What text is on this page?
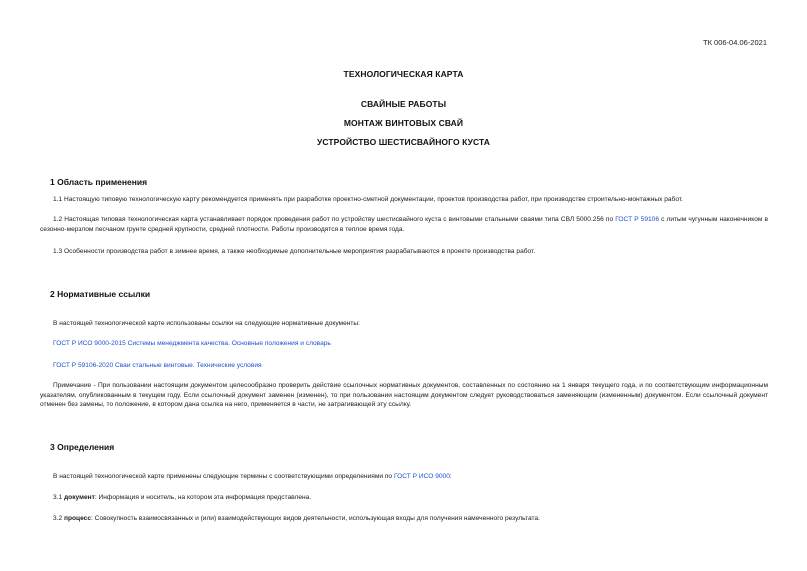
ТК 006-04.06-2021
ТЕХНОЛОГИЧЕСКАЯ КАРТА
СВАЙНЫЕ РАБОТЫ
МОНТАЖ ВИНТОВЫХ СВАЙ
УСТРОЙСТВО ШЕСТИСВАЙНОГО КУСТА
1 Область применения
1.1 Настоящую типовую технологическую карту рекомендуется применять при разработке проектно-сметной документации, проектов производства работ, при производстве строительно-монтажных работ.
1.2 Настоящая типовая технологическая карта устанавливает порядок проведения работ по устройству шестисвайного куста с винтовыми стальными сваями типа СВЛ 5000.256 по ГОСТ Р 59106 с литым чугунным наконечником в сезонно-мерзлом песчаном грунте средней крупности, средней плотности. Работы производятся в теплое время года.
1.3 Особенности производства работ в зимнее время, а также необходимые дополнительные мероприятия разрабатываются в проекте производства работ.
2 Нормативные ссылки
В настоящей технологической карте использованы ссылки на следующие нормативные документы:
ГОСТ Р ИСО 9000-2015 Системы менеджмента качества. Основные положения и словарь
ГОСТ Р 59106-2020 Сваи стальные винтовые. Технические условия
Примечание - При пользовании настоящим документом целесообразно проверить действие ссылочных нормативных документов, составленных по состоянию на 1 января текущего года, и по соответствующим информационным указателям, опубликованным в текущем году. Если ссылочный документ заменен (изменен), то при пользовании настоящим документом следует руководствоваться заменяющим (измененным) документом. Если ссылочный документ отменен без замены, то положение, в котором дана ссылка на него, применяется в части, не затрагивающей эту ссылку.
3 Определения
В настоящей технологической карте применены следующие термины с соответствующими определениями по ГОСТ Р ИСО 9000:
3.1 документ: Информация и носитель, на котором эта информация представлена.
3.2 процесс: Совокупность взаимосвязанных и (или) взаимодействующих видов деятельности, использующая входы для получения намеченного результата.
